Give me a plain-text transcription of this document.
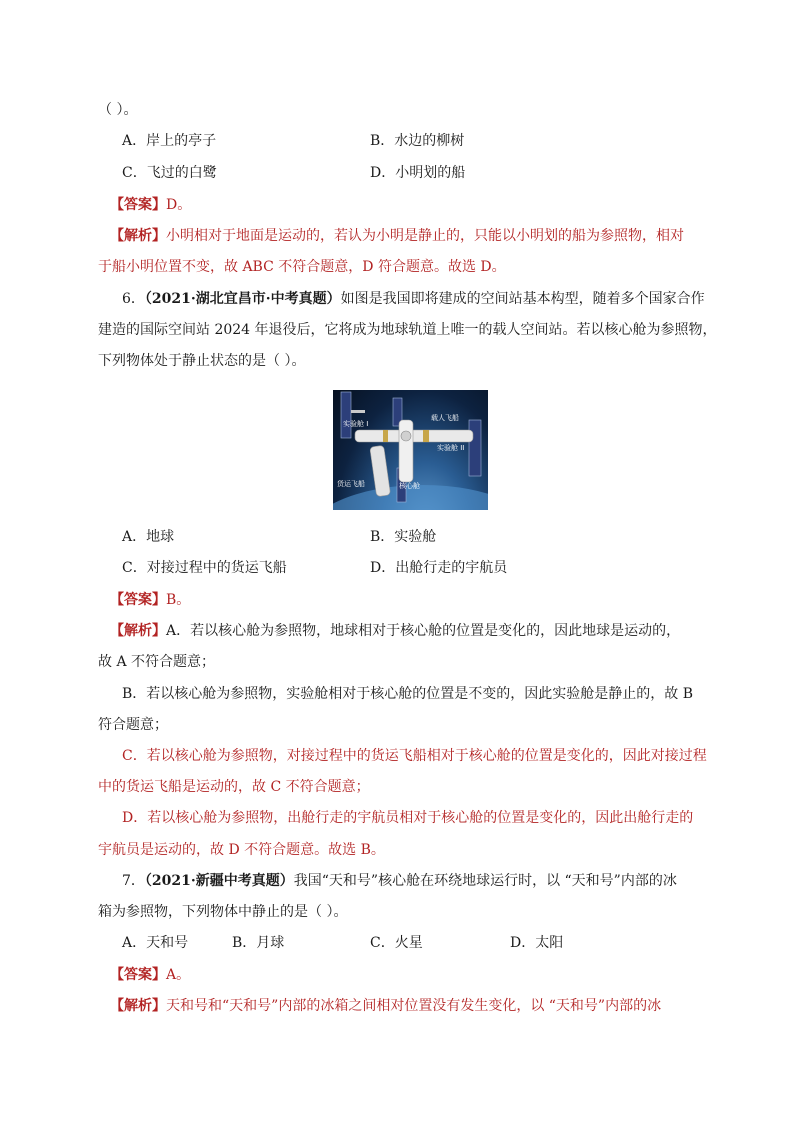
（ ）。
A．岸上的亭子	B．水边的柳树
C．飞过的白鹭	D．小明划的船
【答案】D。
【解析】小明相对于地面是运动的，若认为小明是静止的，只能以小明划的船为参照物，相对
于船小明位置不变，故 ABC 不符合题意，D 符合题意。故选 D。
6．（2021·湖北宜昌市·中考真题）如图是我国即将建成的空间站基本构型，随着多个国家合作
建造的国际空间站 2024 年退役后，它将成为地球轨道上唯一的载人空间站。若以核心舱为参照物，
下列物体处于静止状态的是（ ）。
实验舱 I
载人飞船
实验舱 II
货运飞船	核心舱
A．地球	B．实验舱
C．对接过程中的货运飞船	D．出舱行走的宇航员
【答案】B。
【解析】A．若以核心舱为参照物，地球相对于核心舱的位置是变化的，因此地球是运动的，
故 A 不符合题意；
B．若以核心舱为参照物，实验舱相对于核心舱的位置是不变的，因此实验舱是静止的，故 B
符合题意；
C．若以核心舱为参照物，对接过程中的货运飞船相对于核心舱的位置是变化的，因此对接过程
中的货运飞船是运动的，故 C 不符合题意；
D．若以核心舱为参照物，出舱行走的宇航员相对于核心舱的位置是变化的，因此出舱行走的
宇航员是运动的，故 D 不符合题意。故选 B。
7．（2021·新疆中考真题）我国“天和号”核心舱在环绕地球运行时，以 “天和号”内部的冰
箱为参照物，下列物体中静止的是（ ）。
A．天和号	B．月球	C．火星	D．太阳
【答案】A。
【解析】天和号和“天和号”内部的冰箱之间相对位置没有发生变化，以 “天和号”内部的冰
